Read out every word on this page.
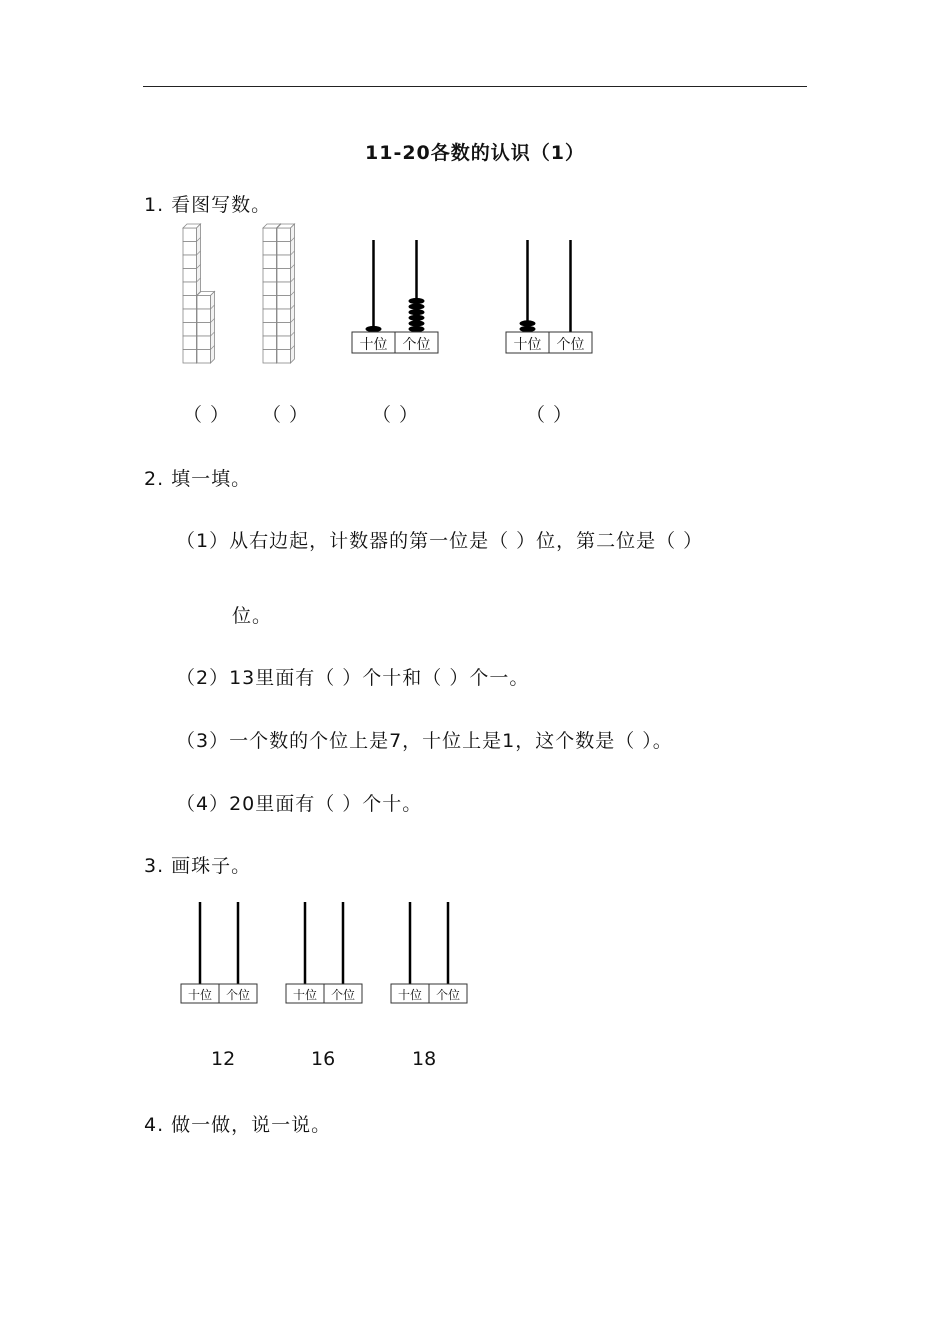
11-20各数的认识（1）
1. 看图写数。
十位 个位	十位 个位
（ ） （ ）	（ ）	（ ）
2. 填一填。
（1）从右边起，计数器的第一位是（ ）位，第二位是（ ）
位。
（2）13里面有（ ）个十和（ ）个一。
（3）一个数的个位上是7，十位上是1，这个数是（ ）。
（4）20里面有（ ）个十。
3. 画珠子。
十位 个位	十位 个位	十位 个位
12	16	18
4. 做一做，说一说。
